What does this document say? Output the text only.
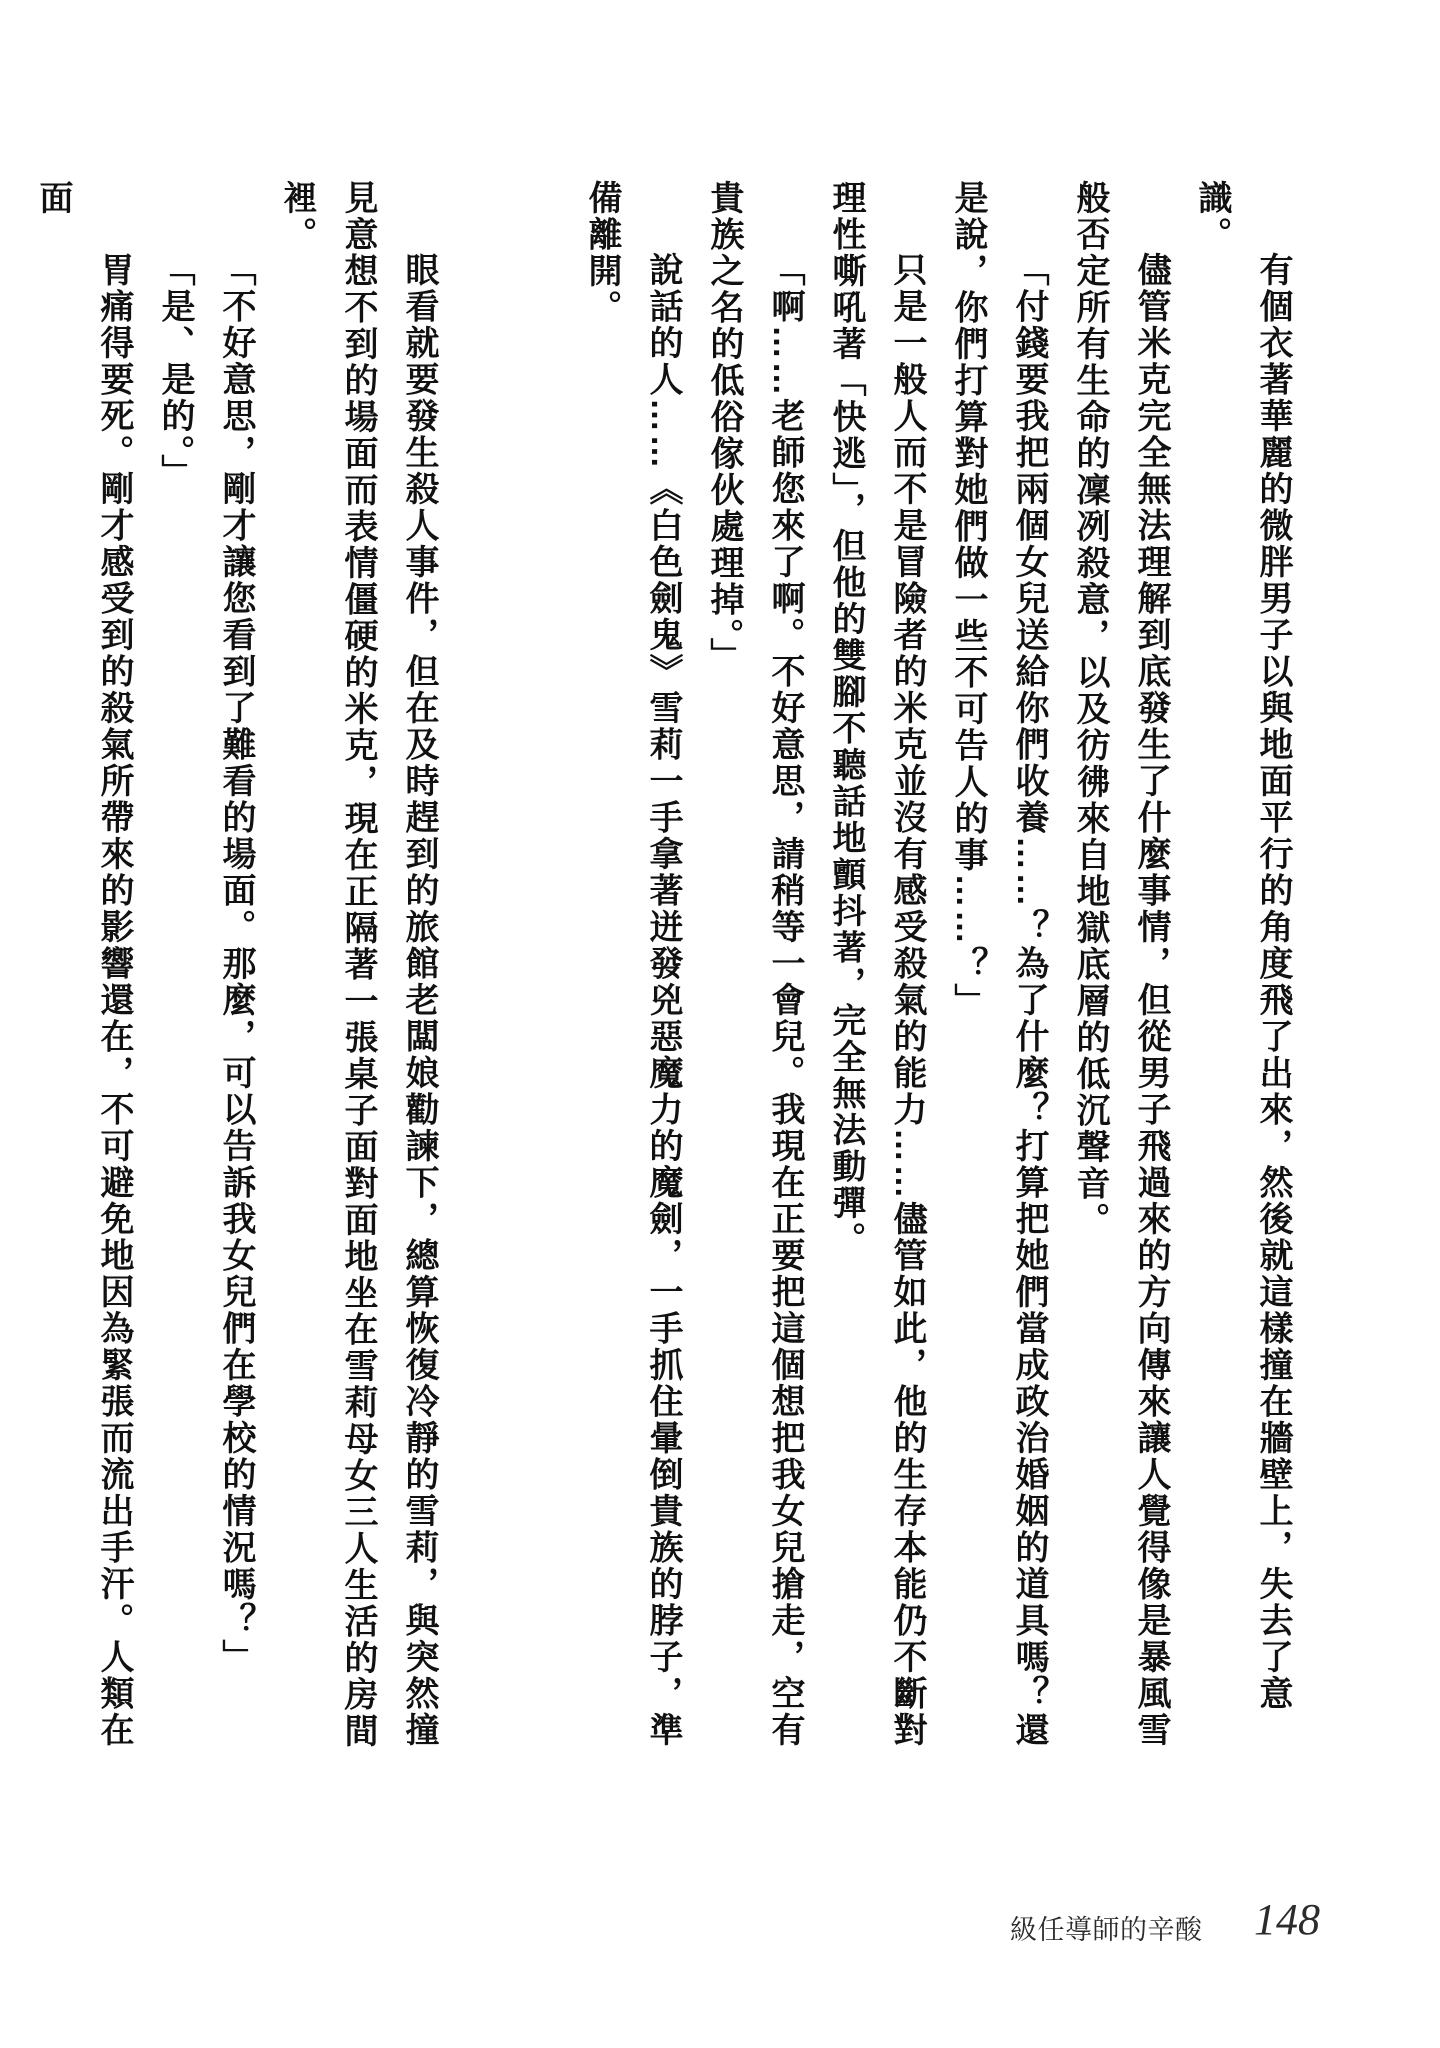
有個衣著華麗的微胖男子以與地面平行的角度飛了出來，然後就這樣撞在牆壁上，失去了意識。

儘管米克完全無法理解到底發生了什麼事情，但從男子飛過來的方向傳來讓人覺得像是暴風雪般否定所有生命的凜冽殺意，以及彷彿來自地獄底層的低沉聲音。

「付錢要我把兩個女兒送給你們收養……？為了什麼？打算把她們當成政治婚姻的道具嗎？還是說，你們打算對她們做一些不可告人的事……？」

只是一般人而不是冒險者的米克並沒有感受殺氣的能力……儘管如此，他的生存本能仍不斷對理性嘶吼著「快逃」，但他的雙腳不聽話地顫抖著，完全無法動彈。

「啊……老師您來了啊。不好意思，請稍等一會兒。我現在正要把這個想把我女兒搶走，空有貴族之名的低俗傢伙處理掉。」

說話的人……《白色劍鬼》雪莉一手拿著迸發兇惡魔力的魔劍，一手抓住暈倒貴族的脖子，準備離開。

眼看就要發生殺人事件，但在及時趕到的旅館老闆娘勸諫下，總算恢復冷靜的雪莉，與突然撞見意想不到的場面而表情僵硬的米克，現在正隔著一張桌子面對面地坐在雪莉母女三人生活的房間裡。

「不好意思，剛才讓您看到了難看的場面。那麼，可以告訴我女兒們在學校的情況嗎？」

「是、是的。」

胃痛得要死。剛才感受到的殺氣所帶來的影響還在，不可避免地因為緊張而流出手汗。人類在面

級任導師的辛酸 148
